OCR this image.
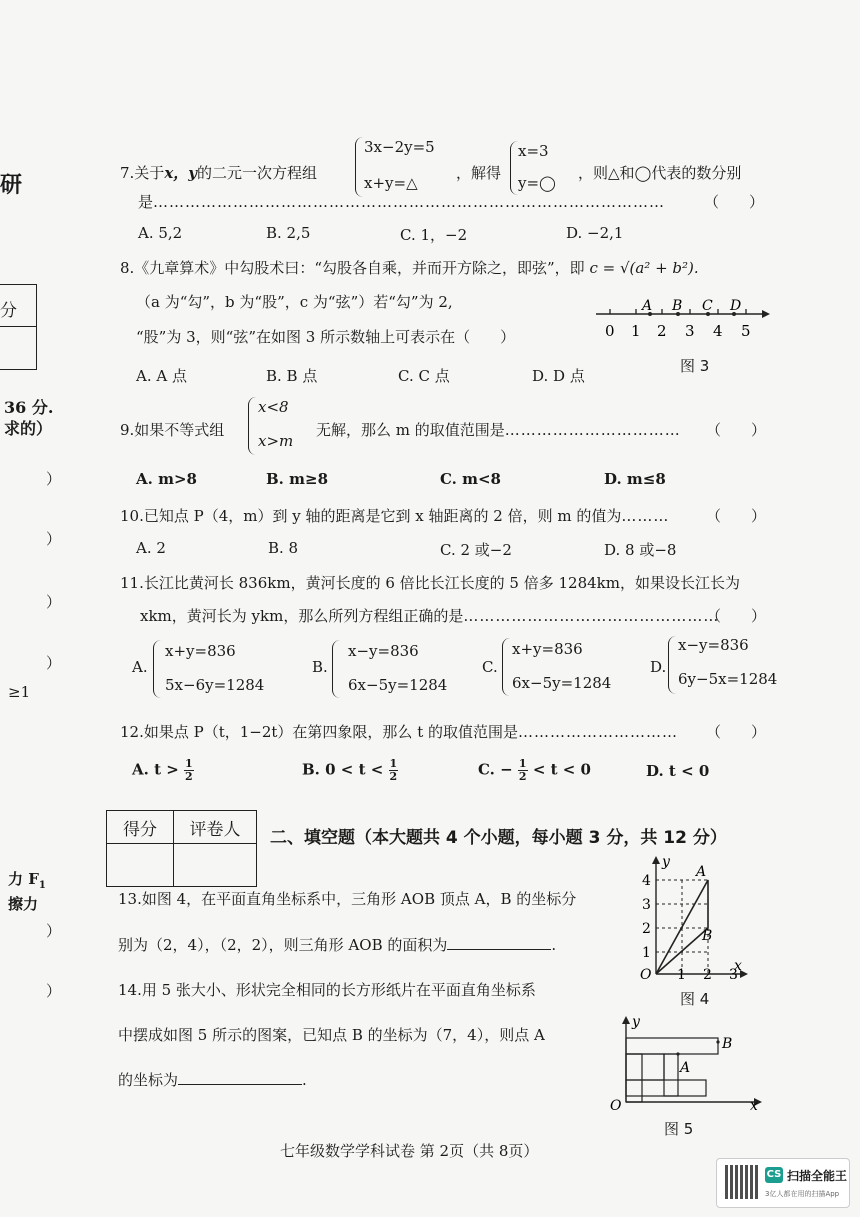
研
分
36 分.
求的）
）
）
）
）
≥1
力 $F_1$
擦力
）
）
7.关于x，y的二元一次方程组
3x−2y=5
x+y=△
，解得
x=3
y=◯
，则△和◯代表的数分别
是……………………………………………………………………………………	（　　）
A. 5,2	B. 2,5	C. 1，−2	D. −2,1
8.《九章算术》中勾股术曰：“勾股各自乘，并而开方除之，即弦”，即 c = √(a² + b²).
（a 为“勾”，b 为“股”，c 为“弦”）若“勾”为 2,
“股”为 3，则“弦”在如图 3 所示数轴上可表示在（　　）
A B C D
0 1 2 3 4 5
图 3
A. A 点	B. B 点	C. C 点	D. D 点
9.如果不等式组
x<8
x>m
无解，那么 m 的取值范围是…………………………… （　　）
A. m>8	B. m≥8	C. m<8	D. m≤8
10.已知点 P（4，m）到 y 轴的距离是它到 x 轴距离的 2 倍，则 m 的值为……… （　　）
A. 2	B. 8	C. 2 或−2	D. 8 或−8
11.长江比黄河长 836km，黄河长度的 6 倍比长江长度的 5 倍多 1284km，如果设长江长为
xkm，黄河长为 ykm，那么所列方程组正确的是…………………………………………
（　　）
A.
x+y=836
5x−6y=1284
B.
x−y=836
6x−5y=1284
C.
x+y=836
6x−5y=1284
D.
x−y=836
6y−5x=1284
12.如果点 P（t，1−2t）在第四象限，那么 t 的取值范围是………………………… （　　）
A. $t > \frac{1}{2}$	B. $0 < t < \frac{1}{2}$	C. − $\frac{1}{2} < t < 0$	D. t < 0
得分	评卷人
	二、填空题（本大题共 4 个小题，每小题 3 分，共 12 分）
13.如图 4，在平面直角坐标系中，三角形 AOB 顶点 A，B 的坐标分
别为（2，4），（2，2），则三角形 AOB 的面积为	.
4
3
2
1
1 2 3
O
y
x
A
B
图 4
14.用 5 张大小、形状完全相同的长方形纸片在平面直角坐标系
中摆成如图 5 所示的图案，已知点 B 的坐标为（7，4），则点 A
的坐标为	.
y
x
O
A
B
图 5
七年级数学学科试卷 第 2页（共 8页）
CS 扫描全能王
3亿人都在用的扫描App
